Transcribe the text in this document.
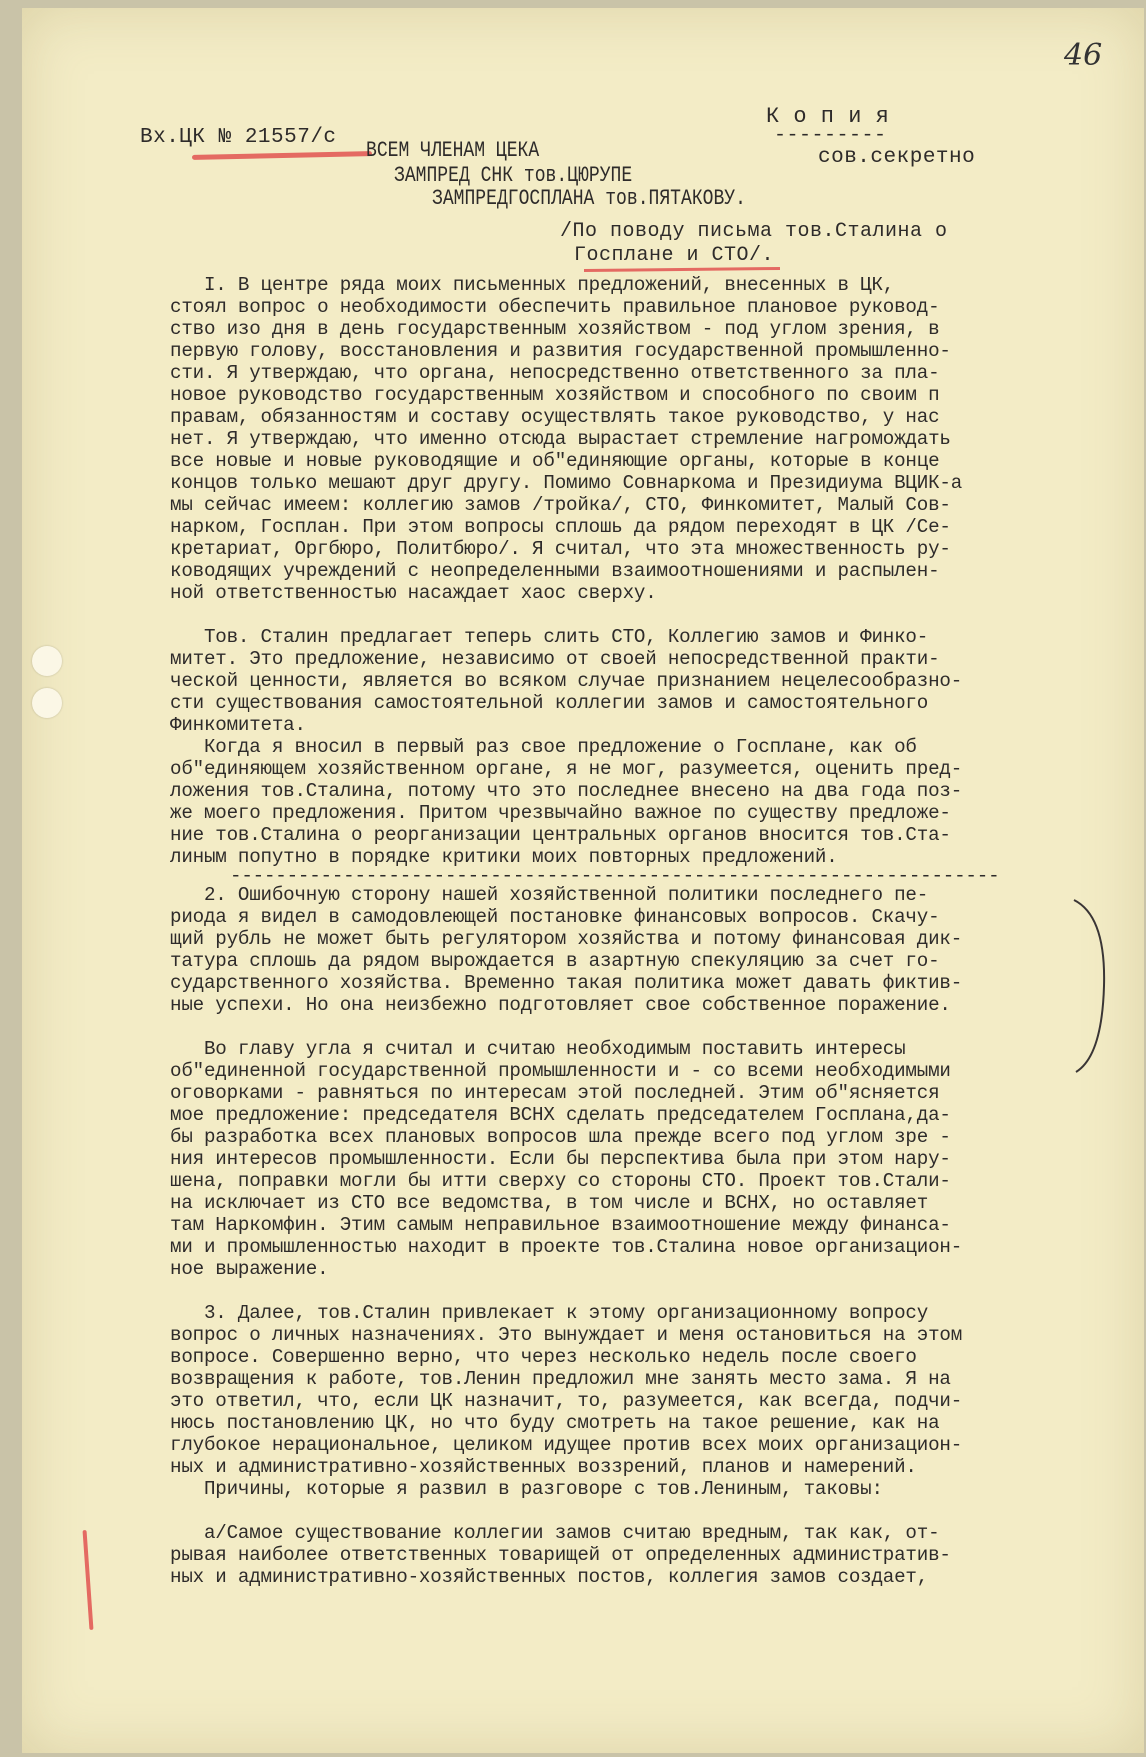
46
Вх.ЦК № 21557/с
К о п и я
---------
сов.секретно
ВСЕМ ЧЛЕНАМ ЦЕКА
ЗАМПРЕД СНК тов.ЦЮРУПЕ
ЗАМПРЕДГОСПЛАНА тов.ПЯТАКОВУ.
/По поводу письма тов.Сталина о
Госплане и СТО/.
I. В центре ряда моих письменных предложений, внесенных в ЦК,
стоял вопрос о необходимости обеспечить правильное плановое руковод-
ство изо дня в день государственным хозяйством - под углом зрения, в
первую голову, восстановления и развития государственной промышленно-
сти. Я утверждаю, что органа, непосредственно ответственного за пла-
новое руководство государственным хозяйством и способного по своим п
правам, обязанностям и составу осуществлять такое руководство, у нас
нет. Я утверждаю, что именно отсюда вырастает стремление нагромождать
все новые и новые руководящие и об"единяющие органы, которые в конце
концов только мешают друг другу. Помимо Совнаркома и Президиума ВЦИК-а
мы сейчас имеем: коллегию замов /тройка/, СТО, Финкомитет, Малый Сов-
нарком, Госплан. При этом вопросы сплошь да рядом переходят в ЦК /Се-
кретариат, Оргбюро, Политбюро/. Я считал, что эта множественность ру-
ководящих учреждений с неопределенными взаимоотношениями и распылен-
ной ответственностью насаждает хаос сверху.
Тов. Сталин предлагает теперь слить СТО, Коллегию замов и Финко-
митет. Это предложение, независимо от своей непосредственной практи-
ческой ценности, является во всяком случае признанием нецелесообразно-
сти существования самостоятельной коллегии замов и самостоятельного
Финкомитета.
Когда я вносил в первый раз свое предложение о Госплане, как об
об"единяющем хозяйственном органе, я не мог, разумеется, оценить пред-
ложения тов.Сталина, потому что это последнее внесено на два года поз-
же моего предложения. Притом чрезвычайно важное по существу предложе-
ние тов.Сталина о реорганизации центральных органов вносится тов.Ста-
линым попутно в порядке критики моих повторных предложений.
--------------------------------------------------------------------
2. Ошибочную сторону нашей хозяйственной политики последнего пе-
риода я видел в самодовлеющей постановке финансовых вопросов. Скачу-
щий рубль не может быть регулятором хозяйства и потому финансовая дик-
татура сплошь да рядом вырождается в азартную спекуляцию за счет го-
сударственного хозяйства. Временно такая политика может давать фиктив-
ные успехи. Но она неизбежно подготовляет свое собственное поражение.
Во главу угла я считал и считаю необходимым поставить интересы
об"единенной государственной промышленности и - со всеми необходимыми
оговорками - равняться по интересам этой последней. Этим об"ясняется
мое предложение: председателя ВСНХ сделать председателем Госплана,да-
бы разработка всех плановых вопросов шла прежде всего под углом зре -
ния интересов промышленности. Если бы перспектива была при этом нару-
шена, поправки могли бы итти сверху со стороны СТО. Проект тов.Стали-
на исключает из СТО все ведомства, в том числе и ВСНХ, но оставляет
там Наркомфин. Этим самым неправильное взаимоотношение между финанса-
ми и промышленностью находит в проекте тов.Сталина новое организацион-
ное выражение.
3. Далее, тов.Сталин привлекает к этому организационному вопросу
вопрос о личных назначениях. Это вынуждает и меня остановиться на этом
вопросе. Совершенно верно, что через несколько недель после своего
возвращения к работе, тов.Ленин предложил мне занять место зама. Я на
это ответил, что, если ЦК назначит, то, разумеется, как всегда, подчи-
нюсь постановлению ЦК, но что буду смотреть на такое решение, как на
глубокое нерациональное, целиком идущее против всех моих организацион-
ных и административно-хозяйственных воззрений, планов и намерений.
Причины, которые я развил в разговоре с тов.Лениным, таковы:
а/Самое существование коллегии замов считаю вредным, так как, от-
рывая наиболее ответственных товарищей от определенных административ-
ных и административно-хозяйственных постов, коллегия замов создает,
